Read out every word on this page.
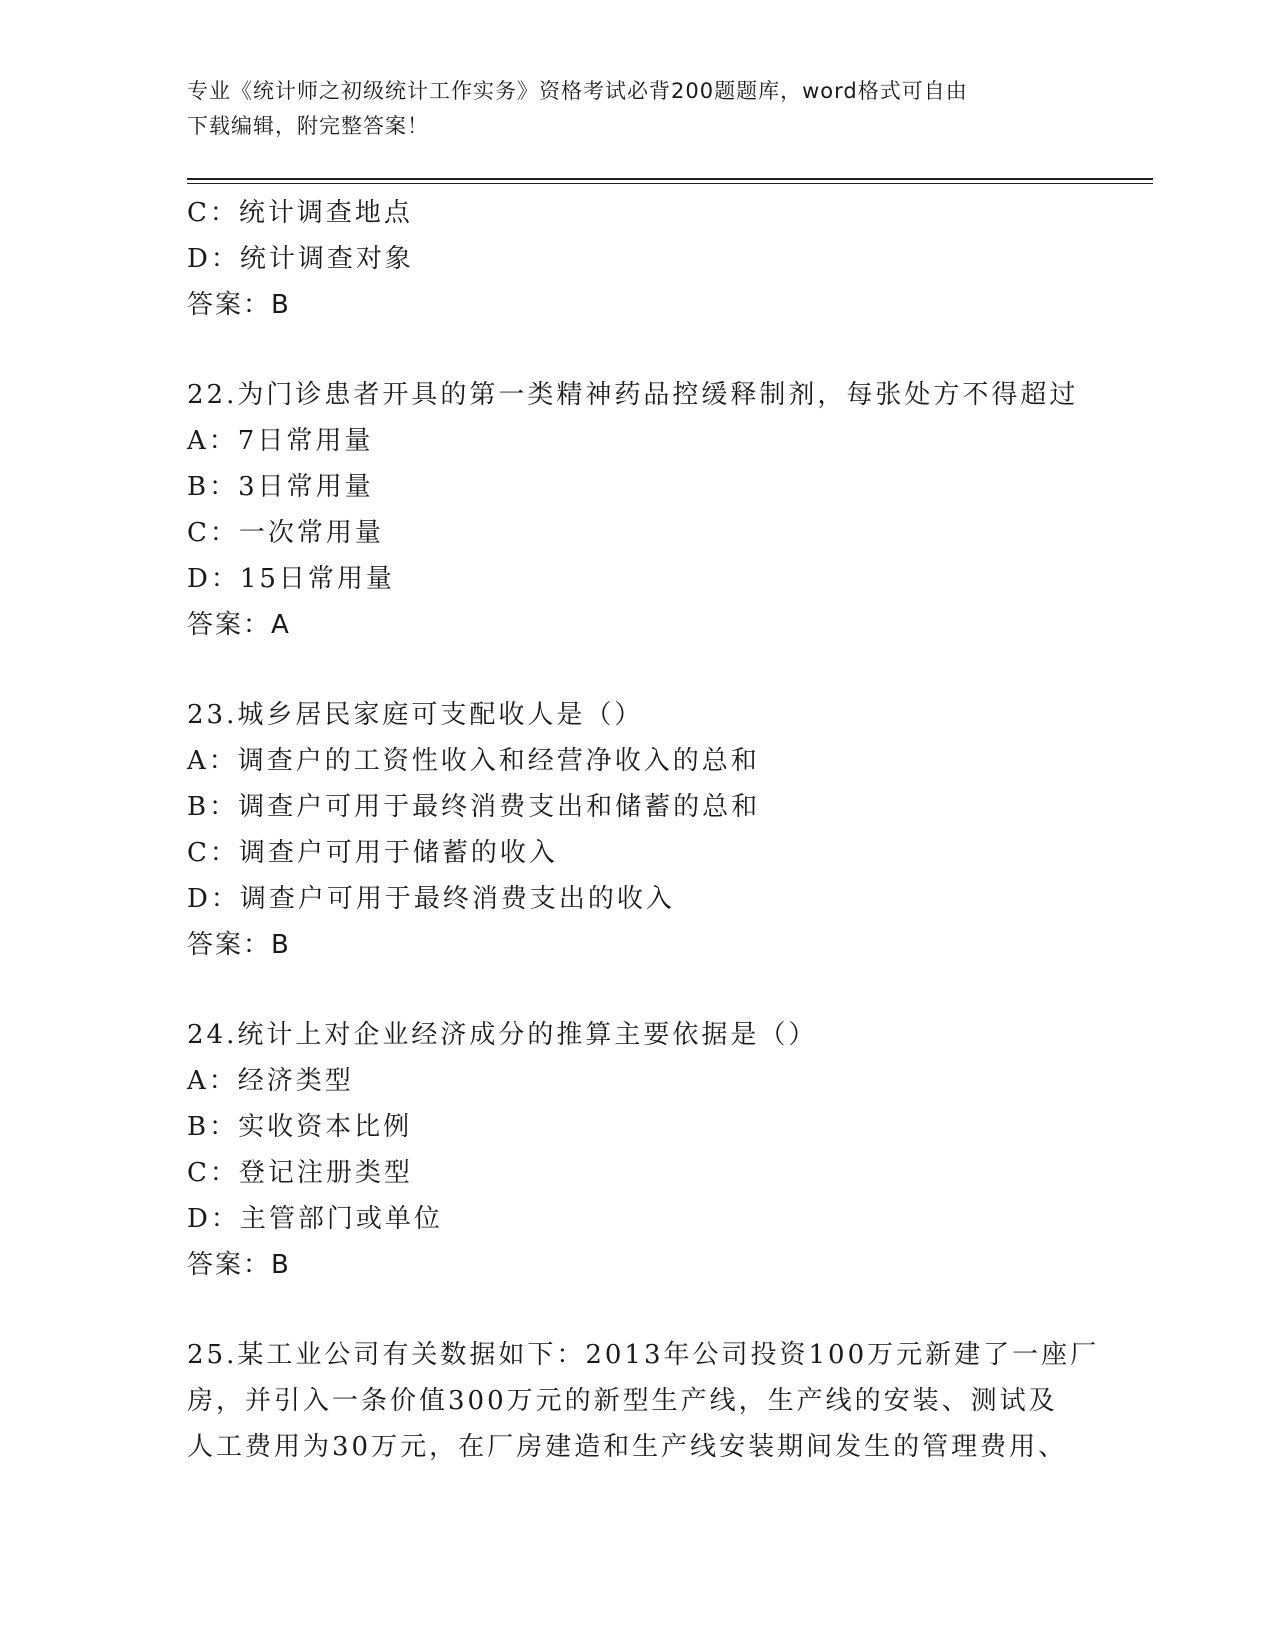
专业《统计师之初级统计工作实务》资格考试必背200题题库，word格式可自由
下载编辑，附完整答案！
C：统计调查地点
D：统计调查对象
答案：B
22.为门诊患者开具的第一类精神药品控缓释制剂，每张处方不得超过
A：7日常用量
B：3日常用量
C：一次常用量
D：15日常用量
答案：A
23.城乡居民家庭可支配收人是（）
A：调查户的工资性收入和经营净收入的总和
B：调查户可用于最终消费支出和储蓄的总和
C：调查户可用于储蓄的收入
D：调查户可用于最终消费支出的收入
答案：B
24.统计上对企业经济成分的推算主要依据是（）
A：经济类型
B：实收资本比例
C：登记注册类型
D：主管部门或单位
答案：B
25.某工业公司有关数据如下：2013年公司投资100万元新建了一座厂
房，并引入一条价值300万元的新型生产线，生产线的安装、测试及
人工费用为30万元，在厂房建造和生产线安装期间发生的管理费用、
